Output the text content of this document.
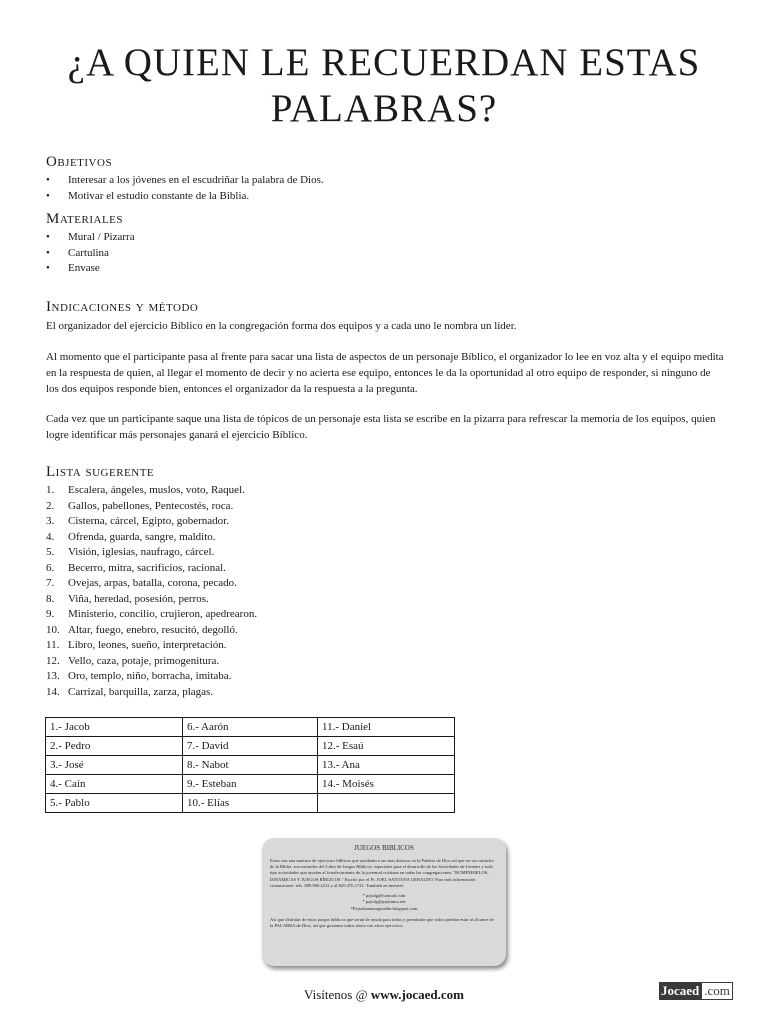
¿A QUIEN LE RECUERDAN ESTAS PALABRAS?
Objetivos
• Interesar a los jóvenes en el escudriñar la palabra de Dios.
• Motivar el estudio constante de la Biblia.
Materiales
• Mural / Pizarra
• Cartulina
• Envase
Indicaciones y método

El organizador del ejercicio Bíblico en la congregación forma dos equipos y a cada uno le nombra un líder.

Al momento que el participante pasa al frente para sacar una lista de aspectos de un personaje Bíblico, el organizador lo lee en voz alta y el equipo medita en la respuesta de quien, al llegar el momento de decir y no acierta ese equipo, entonces le da la oportunidad al otro equipo de responder, si ninguno de los dos equipos responde bien, entonces el organizador da la respuesta a la pregunta.

Cada vez que un participante saque una lista de tópicos de un personaje esta lista se escribe en la pizarra para refrescar la memoria de los equipos, quien logre identificar más personajes ganará el ejercicio Bíblico.

Lista sugerente
1. Escalera, ángeles, muslos, voto, Raquel.
2. Gallos, pabellones, Pentecostés, roca.
3. Cisterna, cárcel, Egipto, gobernador.
4. Ofrenda, guarda, sangre, maldito.
5. Visión, iglesias, naufrago, cárcel.
6. Becerro, mitra, sacrificios, racional.
7. Ovejas, arpas, batalla, corona, pecado.
8. Viña, heredad, posesión, perros.
9. Ministerio, concilio, crujieron, apedrearon.
10. Altar, fuego, enebro, resucitó, degolló.
11. Libro, leones, sueño, interpretación.
12. Vello, caza, potaje, primogenitura.
13. Oro, templo, niño, borracha, imitaba.
14. Carrizal, barquilla, zarza, plagas.
1.- Jacob	6.- Aarón	11.- Daniel
2.- Pedro	7.- David	12.- Esaú
3.- José	8.- Nabot	13.- Ana
4.- Caín	9.- Esteban	14.- Moisés
5.- Pablo	10.- Elías	
JUEGOS BIBLICOS

Estos son una muestra de ejercicios bíblicos que ayudarán a ser mas diestros en la Palabra de Dios así que ser un cartucho de la Biblia, son extraídos del Libro de Juegos Bíblicos, especiales para el desarrollo de las Sociedades de Jóvenes y todo tipo actividades que ayuden al fortalecimiento de la juventud cristiana en todas las congregaciones. "ROMPEHIELOS, DINÁMICAS Y JUEGOS BÍBLICOS." Escrito por el Pr. JOEL SANTANA GERALDO. Para más información comunicarse: tels. 809.969.2212 y al 829.470.1721. También en internet:

* pzjsdg@hotmail.com
* pzjsdg@pzjstnmo.net
*Pzjsalsantanageraldo.blogspot.com

Así que disfrutar de estos juegos bíblicos que serán de ayuda para todos y permitirán que todos puedan estar al alcance de la PALABRA de Dios, así que gozamos todos ahora con estos ejercicios

Visítenos @ www.jocaed.com	Jocaed .com
